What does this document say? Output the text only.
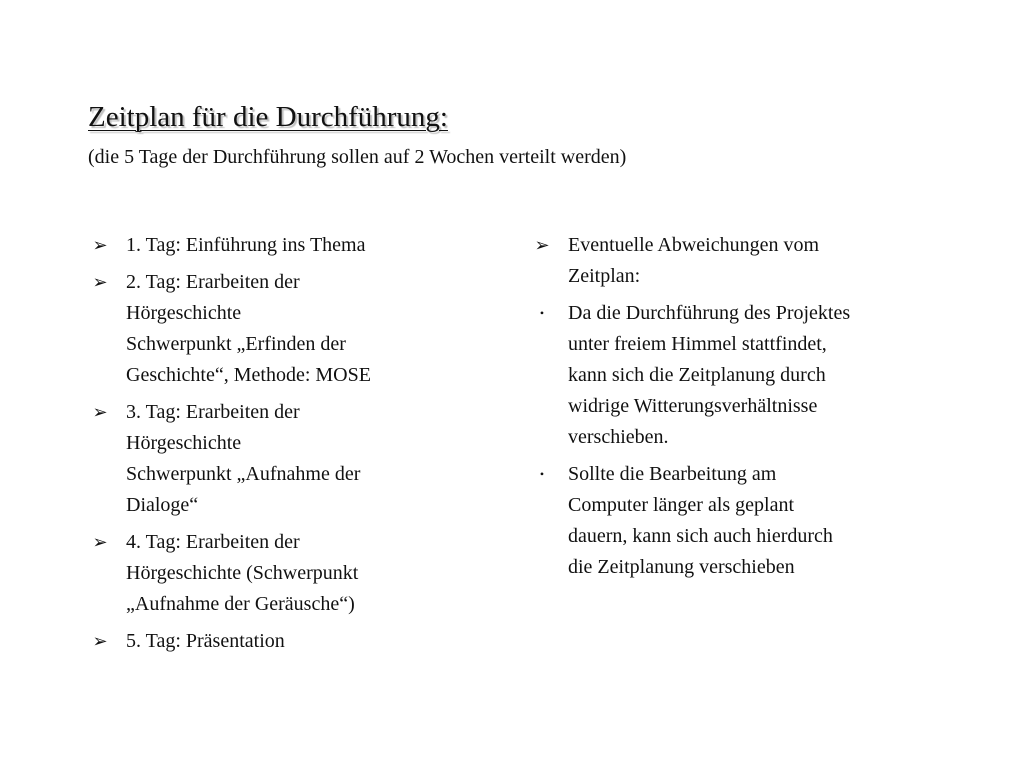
Zeitplan für die Durchführung:
(die 5 Tage der Durchführung sollen auf 2 Wochen verteilt werden)
➢ 1. Tag: Einführung ins Thema
➢ 2. Tag: Erarbeiten der
Hörgeschichte
Schwerpunkt „Erfinden der
Geschichte“, Methode: MOSE
➢ 3. Tag: Erarbeiten der
Hörgeschichte
Schwerpunkt „Aufnahme der
Dialoge“
➢ 4. Tag: Erarbeiten der
Hörgeschichte (Schwerpunkt
„Aufnahme der Geräusche“)
➢ 5. Tag: Präsentation
➢ Eventuelle Abweichungen vom
Zeitplan:
•	Da die Durchführung des Projektes
unter freiem Himmel stattfindet,
kann sich die Zeitplanung durch
widrige Witterungsverhältnisse
verschieben.
•	Sollte die Bearbeitung am
Computer länger als geplant
dauern, kann sich auch hierdurch
die Zeitplanung verschieben
